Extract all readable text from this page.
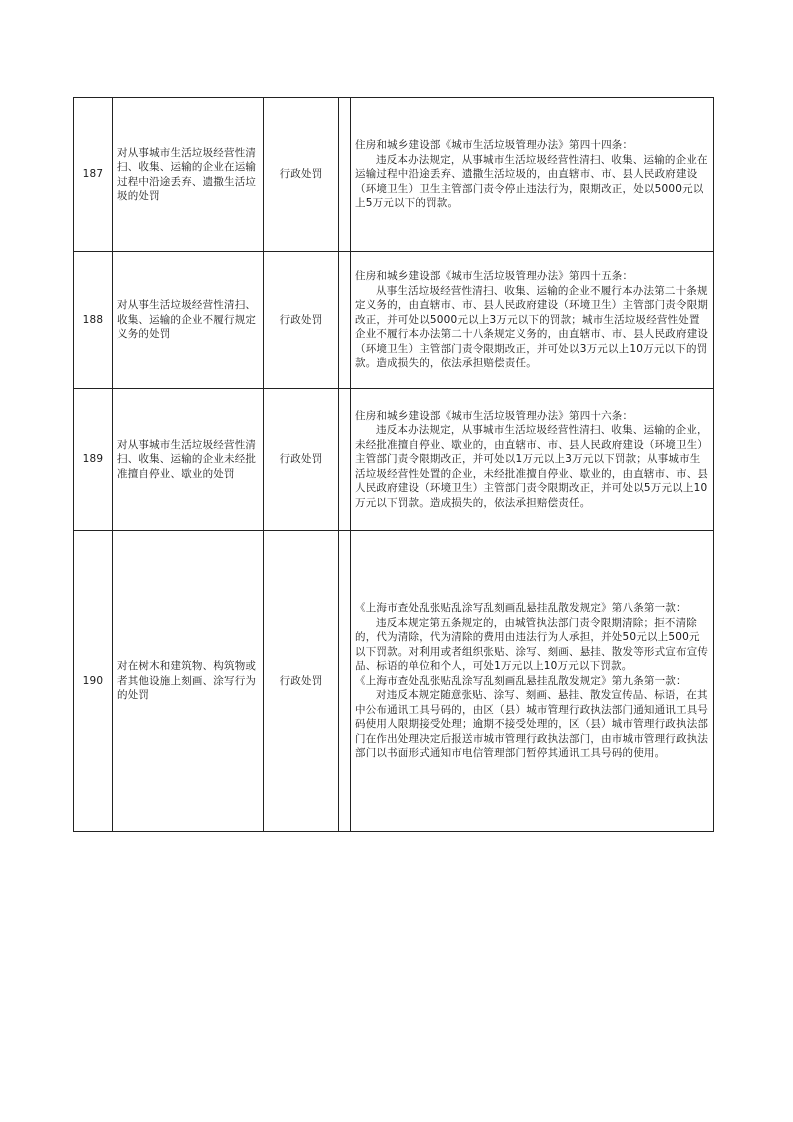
187	对从事城市生活垃圾经营性清扫、收集、运输的企业在运输过程中沿途丢弃、遗撒生活垃圾的处罚	行政处罚		住房和城乡建设部《城市生活垃圾管理办法》第四十四条：
违反本办法规定，从事城市生活垃圾经营性清扫、收集、运输的企业在运输过程中沿途丢弃、遗撒生活垃圾的，由直辖市、市、县人民政府建设（环境卫生）卫生主管部门责令停止违法行为，限期改正，处以5000元以上5万元以下的罚款。

188	对从事生活垃圾经营性清扫、收集、运输的企业不履行规定义务的处罚	行政处罚		住房和城乡建设部《城市生活垃圾管理办法》第四十五条：
从事生活垃圾经营性清扫、收集、运输的企业不履行本办法第二十条规定义务的，由直辖市、市、县人民政府建设（环境卫生）主管部门责令限期改正，并可处以5000元以上3万元以下的罚款；城市生活垃圾经营性处置企业不履行本办法第二十八条规定义务的，由直辖市、市、县人民政府建设（环境卫生）主管部门责令限期改正，并可处以3万元以上10万元以下的罚款。造成损失的，依法承担赔偿责任。

189	对从事城市生活垃圾经营性清扫、收集、运输的企业未经批准擅自停业、歇业的处罚	行政处罚		住房和城乡建设部《城市生活垃圾管理办法》第四十六条：
违反本办法规定，从事城市生活垃圾经营性清扫、收集、运输的企业，未经批准擅自停业、歇业的，由直辖市、市、县人民政府建设（环境卫生）主管部门责令限期改正，并可处以1万元以上3万元以下罚款；从事城市生活垃圾经营性处置的企业，未经批准擅自停业、歇业的，由直辖市、市、县人民政府建设（环境卫生）主管部门责令限期改正，并可处以5万元以上10万元以下罚款。造成损失的，依法承担赔偿责任。

190	对在树木和建筑物、构筑物或者其他设施上刻画、涂写行为的处罚	行政处罚		《上海市查处乱张贴乱涂写乱刻画乱悬挂乱散发规定》第八条第一款：
违反本规定第五条规定的，由城管执法部门责令限期清除；拒不清除的，代为清除，代为清除的费用由违法行为人承担，并处50元以上500元以下罚款。对利用或者组织张贴、涂写、刻画、悬挂、散发等形式宣布宣传品、标语的单位和个人，可处1万元以上10万元以下罚款。
《上海市查处乱张贴乱涂写乱刻画乱悬挂乱散发规定》第九条第一款：
对违反本规定随意张贴、涂写、刻画、悬挂、散发宣传品、标语，在其中公布通讯工具号码的，由区（县）城市管理行政执法部门通知通讯工具号码使用人限期接受处理；逾期不接受处理的，区（县）城市管理行政执法部门在作出处理决定后报送市城市管理行政执法部门，由市城市管理行政执法部门以书面形式通知市电信管理部门暂停其通讯工具号码的使用。
